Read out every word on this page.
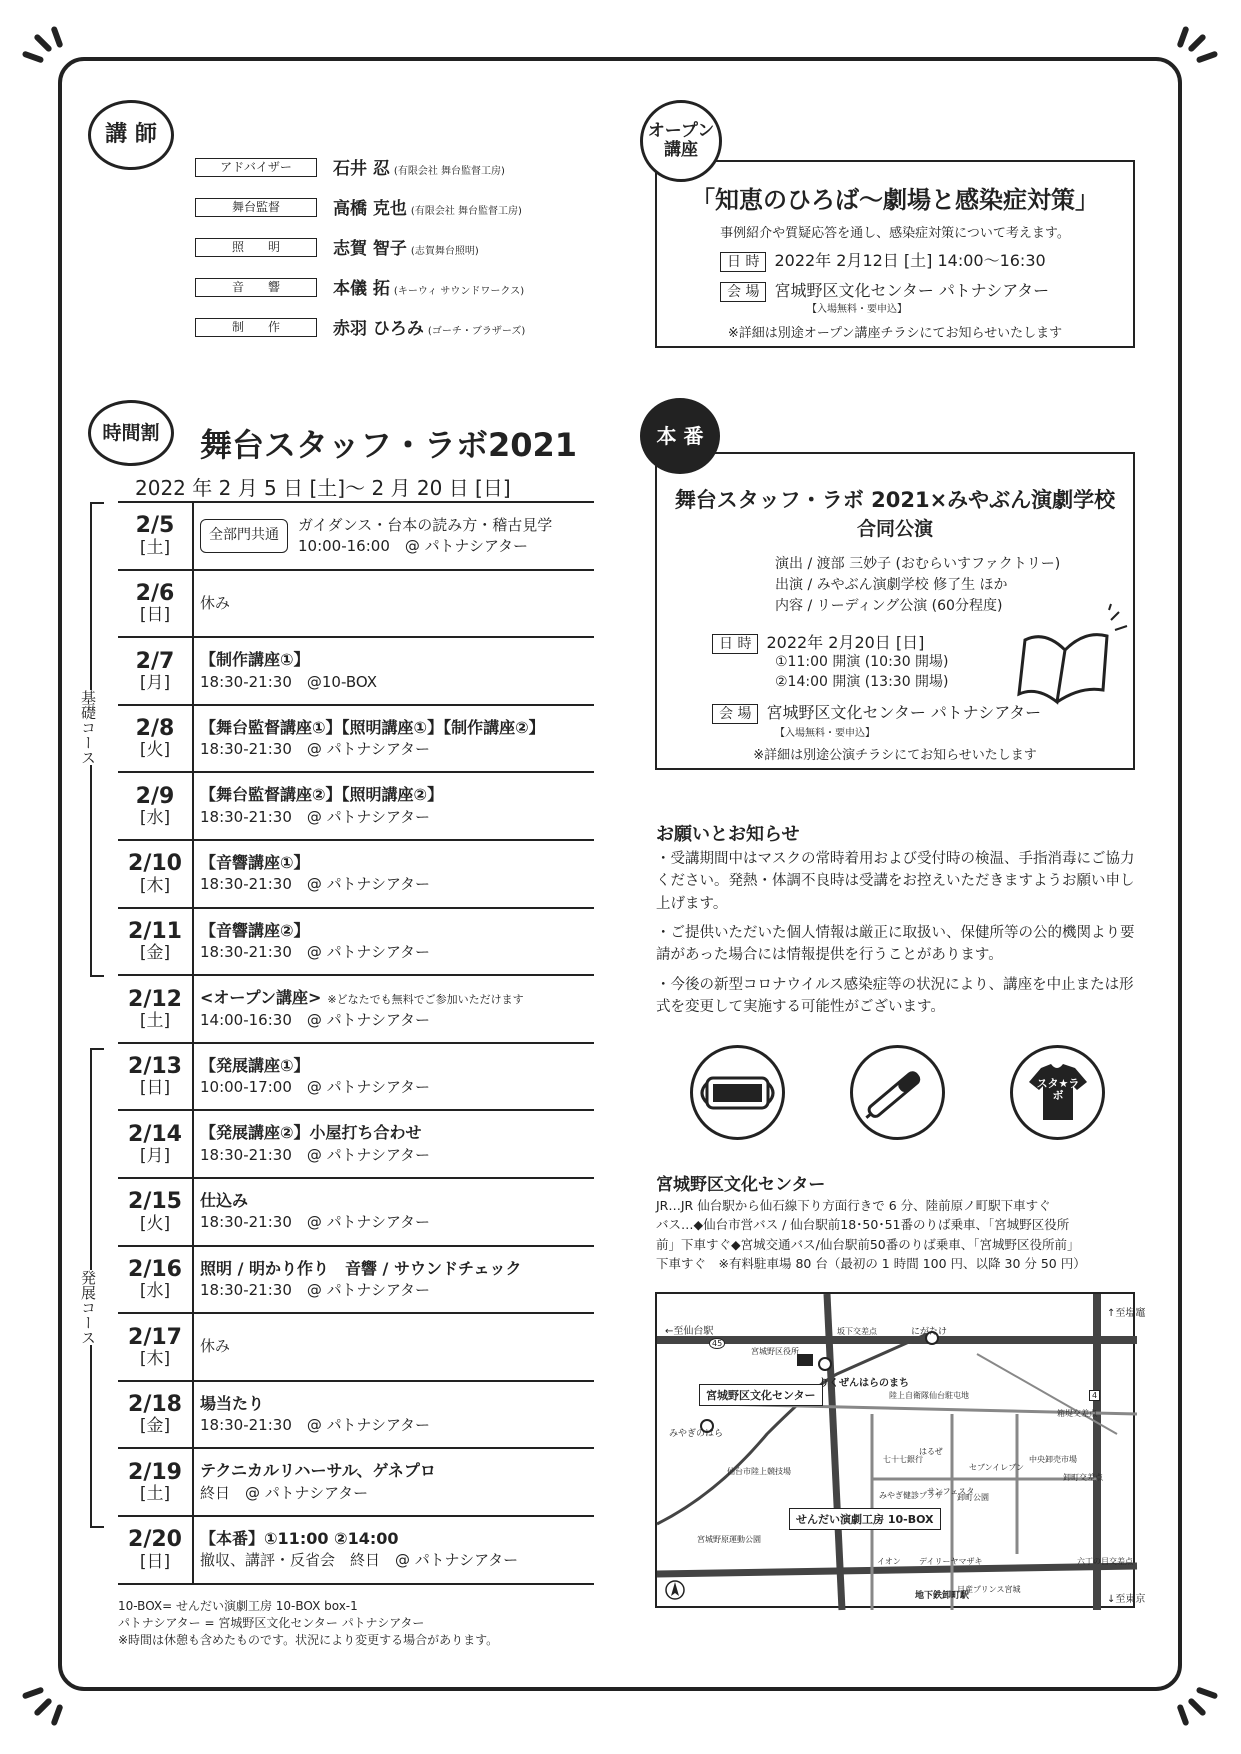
講 師
アドバイザー	石井 忍 (有限会社 舞台監督工房)
舞台監督	高橋 克也 (有限会社 舞台監督工房)
照　　明	志賀 智子 (志賀舞台照明)
音　　響	本儀 拓 (キーウィ サウンドワークス)
制　　作	赤羽 ひろみ (ゴーチ・ブラザーズ)
オープン講座
「知恵のひろば～劇場と感染症対策」
事例紹介や質疑応答を通し、感染症対策について考えます。
日 時 2022年 2月12日 [土] 14:00～16:30
会 場 宮城野区文化センター パトナシアター
【入場無料・要申込】
※詳細は別途オープン講座チラシにてお知らせいたします
時間割	舞台スタッフ・ラボ2021
2022 年 2 月 5 日 [土]～ 2 月 20 日 [日]
基礎コース
発展コース
2/5
[土]
全部門共通
ガイダンス・台本の読み方・稽古見学
10:00-16:00　@ パトナシアター
2/6
[日]
休み
2/7
[月]
【制作講座①】
18:30-21:30　@10-BOX
2/8
[火]
【舞台監督講座①】【照明講座①】【制作講座②】
18:30-21:30　@ パトナシアター
2/9
[水]
【舞台監督講座②】【照明講座②】
18:30-21:30　@ パトナシアター
2/10
[木]
【音響講座①】
18:30-21:30　@ パトナシアター
2/11
[金]
【音響講座②】
18:30-21:30　@ パトナシアター
2/12
[土]
<オープン講座> ※どなたでも無料でご参加いただけます
14:00-16:30　@ パトナシアター
2/13
[日]
【発展講座①】
10:00-17:00　@ パトナシアター
2/14
[月]
【発展講座②】小屋打ち合わせ
18:30-21:30　@ パトナシアター
2/15
[火]
仕込み
18:30-21:30　@ パトナシアター
2/16
[水]
照明 / 明かり作り　音響 / サウンドチェック
18:30-21:30　@ パトナシアター
2/17
[木]
休み
2/18
[金]
場当たり
18:30-21:30　@ パトナシアター
2/19
[土]
テクニカルリハーサル、ゲネプロ
終日　@ パトナシアター
2/20
[日]
【本番】①11:00 ②14:00
撤収、講評・反省会　終日　@ パトナシアター
10-BOX= せんだい演劇工房 10-BOX box-1
パトナシアター = 宮城野区文化センター パトナシアター
※時間は休憩も含めたものです。状況により変更する場合があります。
本 番
舞台スタッフ・ラボ 2021×みやぶん演劇学校
合同公演
演出 / 渡部 三妙子 (おむらいすファクトリー)
出演 / みやぶん演劇学校 修了生 ほか
内容 / リーディング公演 (60分程度)
日 時 2022年 2月20日 [日]
①11:00 開演 (10:30 開場)
②14:00 開演 (13:30 開場)
会 場 宮城野区文化センター パトナシアター
【入場無料・要申込】
※詳細は別途公演チラシにてお知らせいたします
お願いとお知らせ
・受講期間中はマスクの常時着用および受付時の検温、手指消毒にご協力ください。発熱・体調不良時は受講をお控えいただきますようお願い申し上げます。
・ご提供いただいた個人情報は厳正に取扱い、保健所等の公的機関より要請があった場合には情報提供を行うことがあります。
・今後の新型コロナウイルス感染症等の状況により、講座を中止または形式を変更して実施する可能性がございます。
スタ★ラボ
宮城野区文化センター
JR…JR 仙台駅から仙石線下り方面行きで 6 分、陸前原ノ町駅下車すぐ
バス…◆仙台市営バス / 仙台駅前18･50･51番のりば乗車、「宮城野区役所
前」下車すぐ◆宮城交通バス/仙台駅前50番のりば乗車、「宮城野区役所前」
下車すぐ　※有料駐車場 80 台（最初の 1 時間 100 円、以降 30 分 50 円）
←至仙台駅
↑至塩竈
↓至東京
宮城野区文化センター
りくぜんはらのまち
みやぎのはら
にがたけ
地下鉄卸町駅
せんだい演劇工房 10-BOX
45
4
坂下交差点
宮城野区役所
陸上自衛隊仙台駐屯地
箱堤交差点
卸町交差点
仙台市陸上競技場
宮城野原運動公園
六丁の目交差点
イオン デイリーヤマザキ
日産プリンス宮城
卸町公園
サンフェスタ
中央卸売市場
七十七銀行
みやぎ健診プラザ
セブンイレブン
はるぜ
